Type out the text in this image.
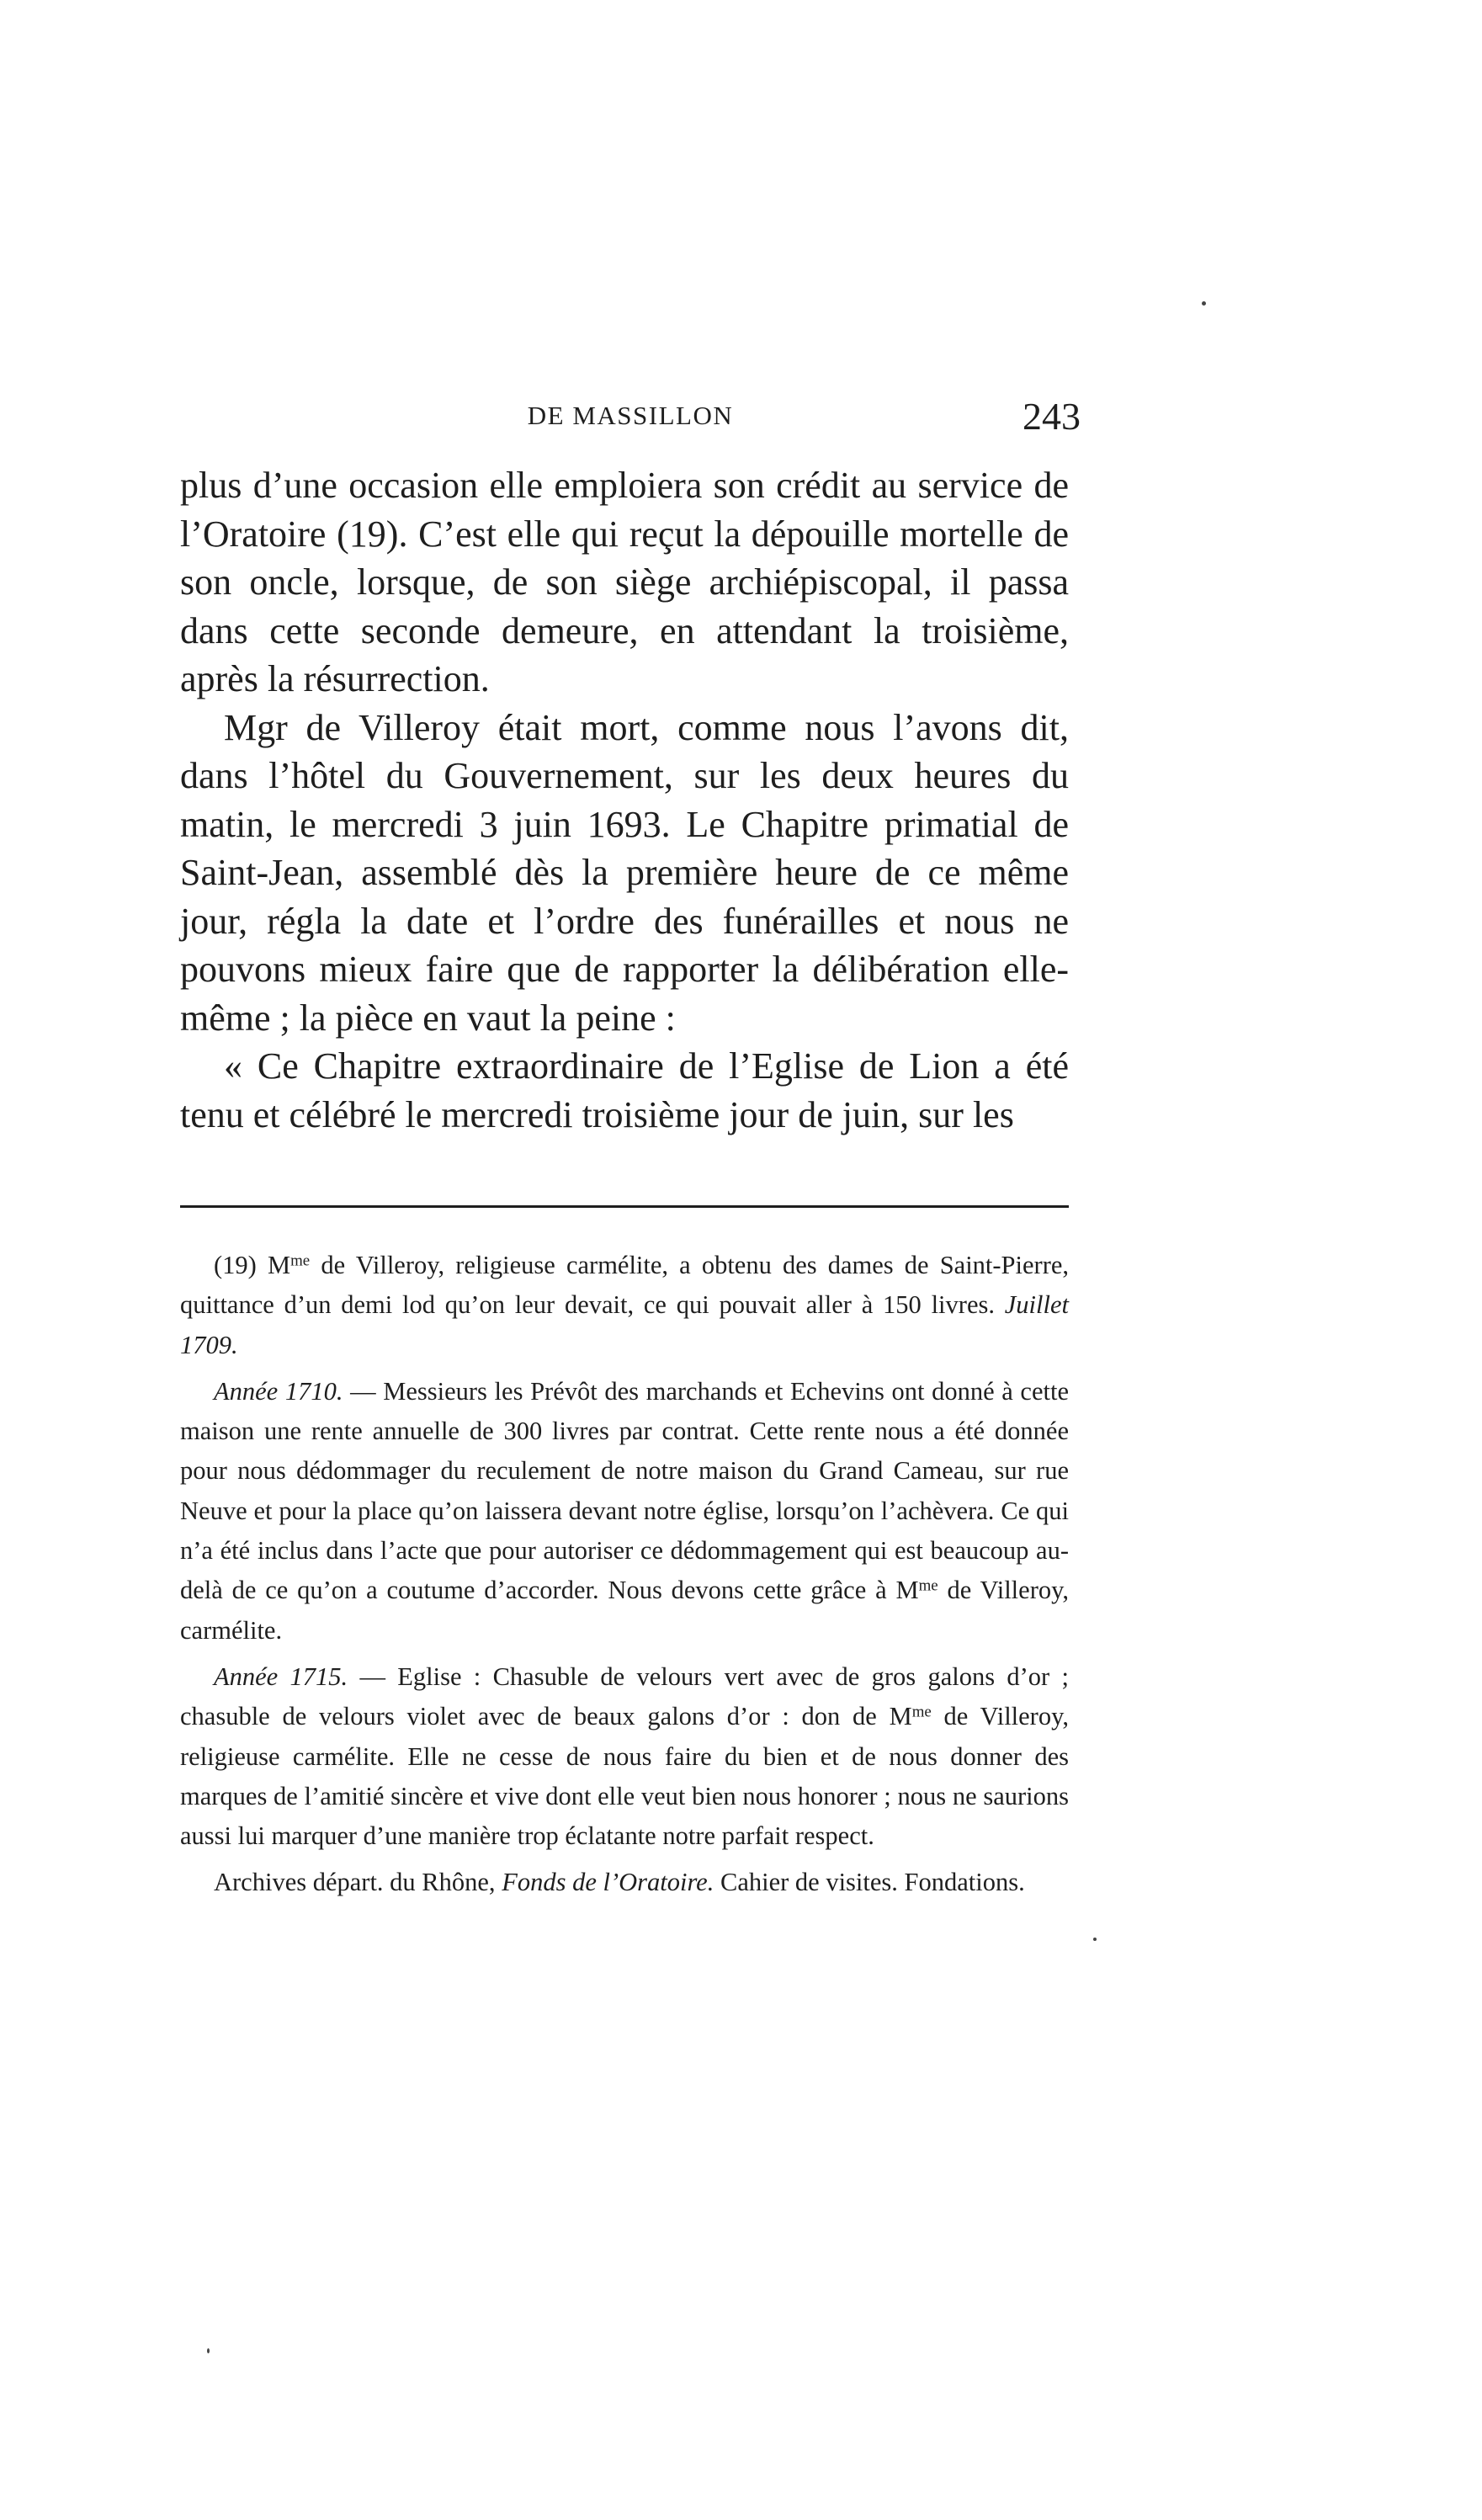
DE MASSILLON	243

plus d’une occasion elle emploiera son crédit au service de l’Oratoire (19). C’est elle qui reçut la dépouille mortelle de son oncle, lorsque, de son siège archiépiscopal, il passa dans cette seconde demeure, en attendant la troisième, après la résurrection.

Mgr de Villeroy était mort, comme nous l’avons dit, dans l’hôtel du Gouvernement, sur les deux heures du matin, le mercredi 3 juin 1693. Le Chapitre primatial de Saint-Jean, assemblé dès la première heure de ce même jour, régla la date et l’ordre des funérailles et nous ne pouvons mieux faire que de rapporter la délibération elle-même ; la pièce en vaut la peine :

« Ce Chapitre extraordinaire de l’Eglise de Lion a été tenu et célébré le mercredi troisième jour de juin, sur les

(19) $M^{me}$ de Villeroy, religieuse carmélite, a obtenu des dames de Saint-Pierre, quittance d’un demi lod qu’on leur devait, ce qui pouvait aller à 150 livres. Juillet 1709.

Année 1710. — Messieurs les Prévôt des marchands et Echevins ont donné à cette maison une rente annuelle de 300 livres par contrat. Cette rente nous a été donnée pour nous dédommager du reculement de notre maison du Grand Cameau, sur rue Neuve et pour la place qu’on laissera devant notre église, lorsqu’on l’achèvera. Ce qui n’a été inclus dans l’acte que pour autoriser ce dédommagement qui est beaucoup au-delà de ce qu’on a coutume d’accorder. Nous devons cette grâce à $M^{me}$ de Villeroy, carmélite.

Année 1715. — Eglise : Chasuble de velours vert avec de gros galons d’or ; chasuble de velours violet avec de beaux galons d’or : don de $M^{me}$ de Villeroy, religieuse carmélite. Elle ne cesse de nous faire du bien et de nous donner des marques de l’amitié sincère et vive dont elle veut bien nous honorer ; nous ne saurions aussi lui marquer d’une manière trop éclatante notre parfait respect.

Archives départ. du Rhône, Fonds de l’Oratoire. Cahier de visites. Fondations.
